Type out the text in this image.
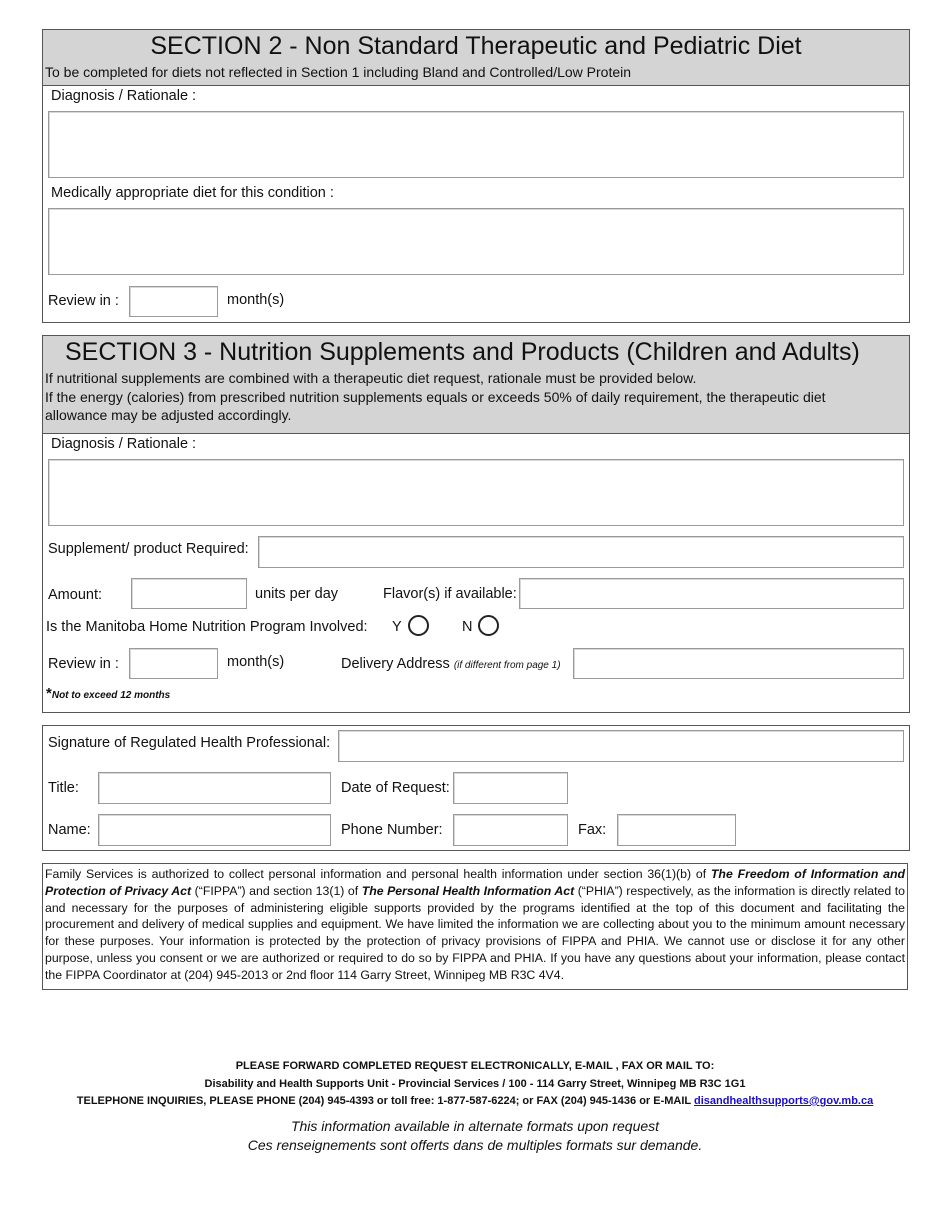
SECTION 2 - Non Standard Therapeutic and Pediatric Diet
To be completed for diets not reflected in Section 1 including Bland and Controlled/Low Protein
Diagnosis / Rationale :
Medically appropriate diet for this condition :
Review in :	month(s)
SECTION 3 - Nutrition Supplements and Products (Children and Adults)
If nutritional supplements are combined with a therapeutic diet request, rationale must be provided below.
If the energy (calories) from prescribed nutrition supplements equals or exceeds 50% of daily requirement, the therapeutic diet allowance may be adjusted accordingly.
Diagnosis / Rationale :
Supplement/ product Required:
Amount:	units per day	Flavor(s) if available:
Is the Manitoba Home Nutrition Program Involved: Y	N
Review in :	month(s)	Delivery Address (if different from page 1)
*Not to exceed 12 months
Signature of Regulated Health Professional:
Title:	Date of Request:
Name:	Phone Number:	Fax:
Family Services is authorized to collect personal information and personal health information under section 36(1)(b) of The Freedom of Information and Protection of Privacy Act (“FIPPA”) and section 13(1) of The Personal Health Information Act (“PHIA”) respectively, as the information is directly related to and necessary for the purposes of administering eligible supports provided by the programs identified at the top of this document and facilitating the procurement and delivery of medical supplies and equipment. We have limited the information we are collecting about you to the minimum amount necessary for these purposes. Your information is protected by the protection of privacy provisions of FIPPA and PHIA. We cannot use or disclose it for any other purpose, unless you consent or we are authorized or required to do so by FIPPA and PHIA. If you have any questions about your information, please contact the FIPPA Coordinator at (204) 945-2013 or 2nd floor 114 Garry Street, Winnipeg MB R3C 4V4.
PLEASE FORWARD COMPLETED REQUEST ELECTRONICALLY, E-MAIL , FAX OR MAIL TO:
Disability and Health Supports Unit - Provincial Services / 100 - 114 Garry Street, Winnipeg MB R3C 1G1
TELEPHONE INQUIRIES, PLEASE PHONE (204) 945-4393 or toll free: 1-877-587-6224; or FAX (204) 945-1436 or E-MAIL disandhealthsupports@gov.mb.ca
This information available in alternate formats upon request
Ces renseignements sont offerts dans de multiples formats sur demande.
